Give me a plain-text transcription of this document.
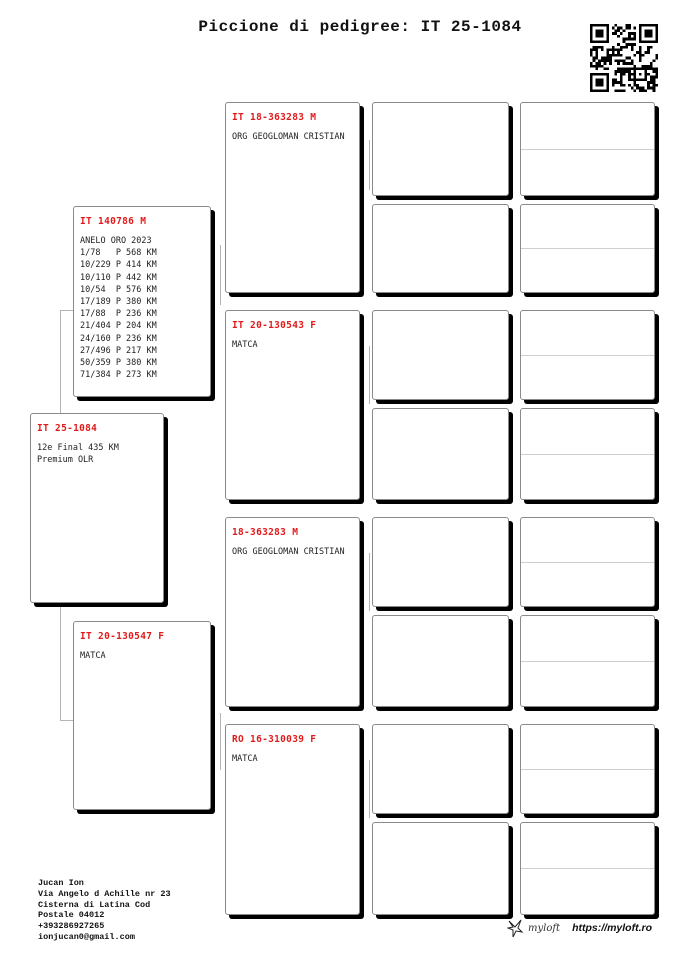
Piccione di pedigree: IT 25-1084
IT 25-1084
12e Final 435 KM
Premium OLR
IT 140786 M
ANELO ORO 2023
1/78   P 568 KM
10/229 P 414 KM
10/110 P 442 KM
10/54  P 576 KM
17/189 P 380 KM
17/88  P 236 KM
21/404 P 204 KM
24/160 P 236 KM
27/496 P 217 KM
50/359 P 380 KM
71/384 P 273 KM
IT 20-130547 F
MATCA
IT 18-363283 M
ORG GEOGLOMAN CRISTIAN
IT 20-130543 F
MATCA
18-363283 M
ORG GEOGLOMAN CRISTIAN
RO 16-310039 F
MATCA
Jucan Ion
Via Angelo d Achille nr 23
Cisterna di Latina Cod
Postale 04012
+393286927265
ionjucan0@gmail.com
myloft https://myloft.ro
